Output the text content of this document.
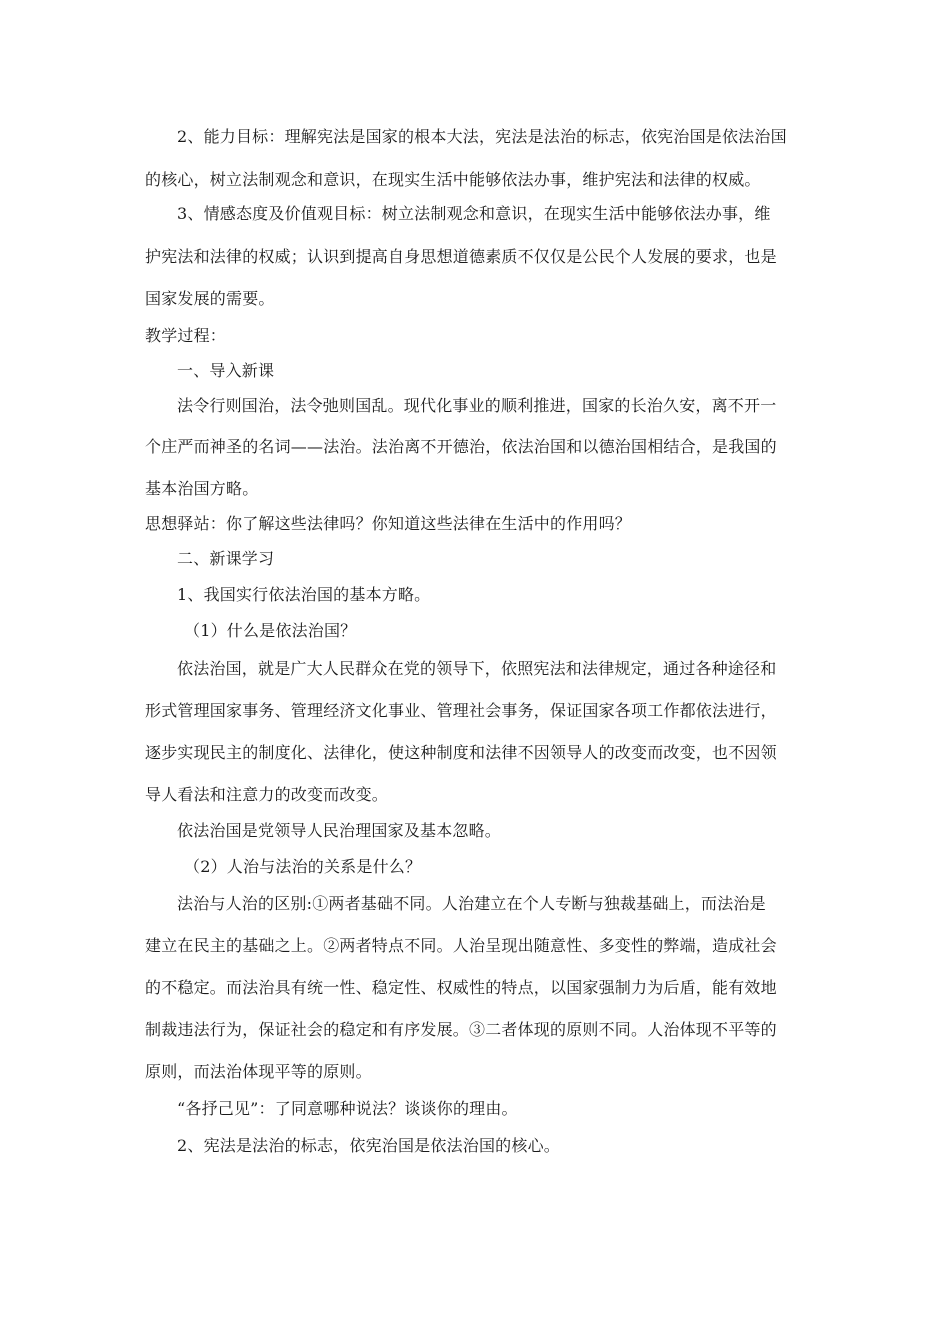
2、能力目标：理解宪法是国家的根本大法，宪法是法治的标志，依宪治国是依法治国
的核心，树立法制观念和意识，在现实生活中能够依法办事，维护宪法和法律的权威。
3、情感态度及价值观目标：树立法制观念和意识，在现实生活中能够依法办事，维
护宪法和法律的权威；认识到提高自身思想道德素质不仅仅是公民个人发展的要求，也是
国家发展的需要。
教学过程：
一、导入新课
法令行则国治，法令弛则国乱。现代化事业的顺利推进，国家的长治久安，离不开一
个庄严而神圣的名词——法治。法治离不开德治，依法治国和以德治国相结合，是我国的
基本治国方略。
思想驿站：你了解这些法律吗？你知道这些法律在生活中的作用吗？
二、新课学习
1、我国实行依法治国的基本方略。
（1）什么是依法治国？
依法治国，就是广大人民群众在党的领导下，依照宪法和法律规定，通过各种途径和
形式管理国家事务、管理经济文化事业、管理社会事务，保证国家各项工作都依法进行，
逐步实现民主的制度化、法律化，使这种制度和法律不因领导人的改变而改变，也不因领
导人看法和注意力的改变而改变。
依法治国是党领导人民治理国家及基本忽略。
（2）人治与法治的关系是什么？
法治与人治的区别:①两者基础不同。人治建立在个人专断与独裁基础上，而法治是
建立在民主的基础之上。②两者特点不同。人治呈现出随意性、多变性的弊端，造成社会
的不稳定。而法治具有统一性、稳定性、权威性的特点，以国家强制力为后盾，能有效地
制裁违法行为，保证社会的稳定和有序发展。③二者体现的原则不同。人治体现不平等的
原则，而法治体现平等的原则。
“各抒己见”：了同意哪种说法？谈谈你的理由。
2、宪法是法治的标志，依宪治国是依法治国的核心。
